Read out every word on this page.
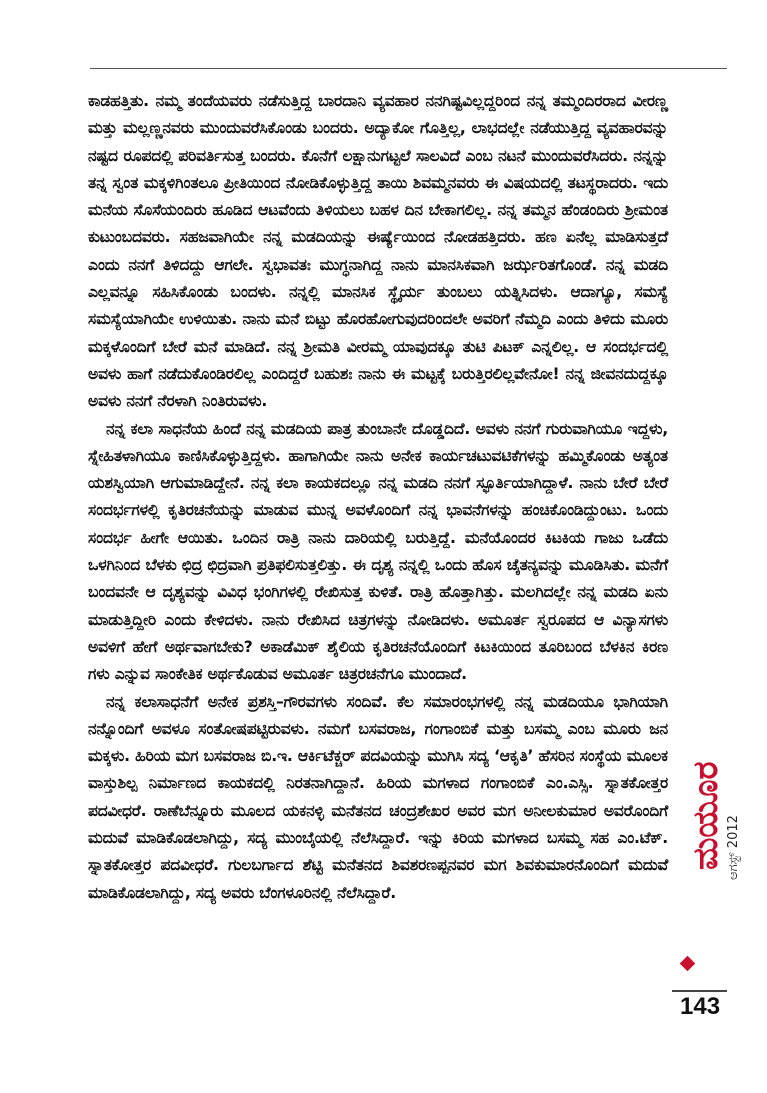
ಕಾಡಹತ್ತಿತು. ನಮ್ಮ ತಂದೆಯವರು ನಡೆಸುತ್ತಿದ್ದ ಬಾರದಾನಿ ವ್ಯವಹಾರ ನನಗಿಷ್ಟವಿಲ್ಲದ್ದರಿಂದ ನನ್ನ ತಮ್ಮಂದಿರರಾದ ವೀರಣ್ಣ ಮತ್ತು ಮಲ್ಲಣ್ಣನವರು ಮುಂದುವರೆಸಿಕೊಂಡು ಬಂದರು. ಅದ್ಯಾಕೋ ಗೊತ್ತಿಲ್ಲ, ಲಾಭದಲ್ಲೇ ನಡೆಯುತ್ತಿದ್ದ ವ್ಯವಹಾರವನ್ನು ನಷ್ಟದ ರೂಪದಲ್ಲಿ ಪರಿವರ್ತಿಸುತ್ತ ಬಂದರು. ಕೊನೆಗೆ ಲಕ್ಷಾನುಗಟ್ಟಲೆ ಸಾಲವಿದೆ ಎಂಬ ನಟನೆ ಮುಂದುವರೆಸಿದರು. ನನ್ನನ್ನು ತನ್ನ ಸ್ವಂತ ಮಕ್ಕಳಿಗಿಂತಲೂ ಪ್ರೀತಿಯಿಂದ ನೋಡಿಕೊಳ್ಳುತ್ತಿದ್ದ ತಾಯಿ ಶಿವಮ್ಮನವರು ಈ ವಿಷಯದಲ್ಲಿ ತಟಸ್ಥರಾದರು. ಇದು ಮನೆಯ ಸೊಸೆಯಂದಿರು ಹೂಡಿದ ಆಟವೆಂದು ತಿಳಿಯಲು ಬಹಳ ದಿನ ಬೇಕಾಗಲಿಲ್ಲ. ನನ್ನ ತಮ್ಮನ ಹೆಂಡಂದಿರು ಶ್ರೀಮಂತ ಕುಟುಂಬದವರು. ಸಹಜವಾಗಿಯೇ ನನ್ನ ಮಡದಿಯನ್ನು ಈರ್ಷ್ಯೆಯಿಂದ ನೋಡಹತ್ತಿದರು. ಹಣ ಏನೆಲ್ಲ ಮಾಡಿಸುತ್ತದೆ ಎಂದು ನನಗೆ ತಿಳಿದದ್ದು ಆಗಲೇ. ಸ್ವಭಾವತಃ ಮುಗ್ಧನಾಗಿದ್ದ ನಾನು ಮಾನಸಿಕವಾಗಿ ಜರ್ಝರಿತಗೊಂಡೆ. ನನ್ನ ಮಡದಿ ಎಲ್ಲವನ್ನೂ ಸಹಿಸಿಕೊಂಡು ಬಂದಳು. ನನ್ನಲ್ಲಿ ಮಾನಸಿಕ ಸ್ಥೈರ್ಯ ತುಂಬಲು ಯತ್ನಿಸಿದಳು. ಆದಾಗ್ಯೂ, ಸಮಸ್ಯೆ ಸಮಸ್ಯೆಯಾಗಿಯೇ ಉಳಿಯಿತು. ನಾನು ಮನೆ ಬಿಟ್ಟು ಹೊರಹೋಗುವುದರಿಂದಲೇ ಅವರಿಗೆ ನೆಮ್ಮದಿ ಎಂದು ತಿಳಿದು ಮೂರು ಮಕ್ಕಳೊಂದಿಗೆ ಬೇರೆ ಮನೆ ಮಾಡಿದೆ. ನನ್ನ ಶ್ರೀಮತಿ ವೀರಮ್ಮ ಯಾವುದಕ್ಕೂ ತುಟಿ ಪಿಟಕ್ ಎನ್ನಲಿಲ್ಲ. ಆ ಸಂದರ್ಭದಲ್ಲಿ ಅವಳು ಹಾಗೆ ನಡೆದುಕೊಂಡಿರಲಿಲ್ಲ ಎಂದಿದ್ದರೆ ಬಹುಶಃ ನಾನು ಈ ಮಟ್ಟಕ್ಕೆ ಬರುತ್ತಿರಲಿಲ್ಲವೇನೋ! ನನ್ನ ಜೀವನದುದ್ದಕ್ಕೂ ಅವಳು ನನಗೆ ನೆರಳಾಗಿ ನಿಂತಿರುವಳು.

ನನ್ನ ಕಲಾ ಸಾಧನೆಯ ಹಿಂದೆ ನನ್ನ ಮಡದಿಯ ಪಾತ್ರ ತುಂಬಾನೇ ದೊಡ್ಡದಿದೆ. ಅವಳು ನನಗೆ ಗುರುವಾಗಿಯೂ ಇದ್ದಳು, ಸ್ನೇಹಿತಳಾಗಿಯೂ ಕಾಣಿಸಿಕೊಳ್ಳುತ್ತಿದ್ದಳು. ಹಾಗಾಗಿಯೇ ನಾನು ಅನೇಕ ಕಾರ್ಯಚಟುವಟಿಕೆಗಳನ್ನು ಹಮ್ಮಿಕೊಂಡು ಅತ್ಯಂತ ಯಶಸ್ವಿಯಾಗಿ ಆಗುಮಾಡಿದ್ದೇನೆ. ನನ್ನ ಕಲಾ ಕಾಯಕದಲ್ಲೂ ನನ್ನ ಮಡದಿ ನನಗೆ ಸ್ಫೂರ್ತಿಯಾಗಿದ್ದಾಳೆ. ನಾನು ಬೇರೆ ಬೇರೆ ಸಂದರ್ಭಗಳಲ್ಲಿ ಕೃತಿರಚನೆಯನ್ನು ಮಾಡುವ ಮುನ್ನ ಅವಳೊಂದಿಗೆ ನನ್ನ ಭಾವನೆಗಳನ್ನು ಹಂಚಿಕೊಂಡಿದ್ದುಂಟು. ಒಂದು ಸಂದರ್ಭ ಹೀಗೇ ಆಯಿತು. ಒಂದಿನ ರಾತ್ರಿ ನಾನು ದಾರಿಯಲ್ಲಿ ಬರುತ್ತಿದ್ದೆ. ಮನೆಯೊಂದರ ಕಿಟಕಿಯ ಗಾಜು ಒಡೆದು ಒಳಗಿನಿಂದ ಬೆಳಕು ಛಿದ್ರ ಛಿದ್ರವಾಗಿ ಪ್ರತಿಫಲಿಸುತ್ತಲಿತ್ತು. ಈ ದೃಶ್ಯ ನನ್ನಲ್ಲಿ ಒಂದು ಹೊಸ ಚೈತನ್ಯವನ್ನು ಮೂಡಿಸಿತು. ಮನೆಗೆ ಬಂದವನೇ ಆ ದೃಶ್ಯವನ್ನು ವಿವಿಧ ಭಂಗಿಗಳಲ್ಲಿ ರೇಖಿಸುತ್ತ ಕುಳಿತೆ. ರಾತ್ರಿ ಹೊತ್ತಾಗಿತ್ತು. ಮಲಗಿದಲ್ಲೇ ನನ್ನ ಮಡದಿ ಏನು ಮಾಡುತ್ತಿದ್ದೀರಿ ಎಂದು ಕೇಳಿದಳು. ನಾನು ರೇಖಿಸಿದ ಚಿತ್ರಗಳನ್ನು ನೋಡಿದಳು. ಅಮೂರ್ತ ಸ್ವರೂಪದ ಆ ವಿನ್ಯಾಸಗಳು ಅವಳಿಗೆ ಹೇಗೆ ಅರ್ಥವಾಗಬೇಕು? ಅಕಾಡೆಮಿಕ್ ಶೈಲಿಯ ಕೃತಿರಚನೆಯೊಂದಿಗೆ ಕಿಟಕಿಯಿಂದ ತೂರಿಬಂದ ಬೆಳಕಿನ ಕಿರಣ ಗಳು ಎನ್ನುವ ಸಾಂಕೇತಿಕ ಅರ್ಥಕೊಡುವ ಅಮೂರ್ತ ಚಿತ್ರರಚನೆಗೂ ಮುಂದಾದೆ.

ನನ್ನ ಕಲಾಸಾಧನೆಗೆ ಅನೇಕ ಪ್ರಶಸ್ತಿ–ಗೌರವಗಳು ಸಂದಿವೆ. ಕೆಲ ಸಮಾರಂಭಗಳಲ್ಲಿ ನನ್ನ ಮಡದಿಯೂ ಭಾಗಿಯಾಗಿ ನನ್ನೊಂದಿಗೆ ಅವಳೂ ಸಂತೋಷಪಟ್ಟಿರುವಳು. ನಮಗೆ ಬಸವರಾಜ, ಗಂಗಾಂಬಿಕೆ ಮತ್ತು ಬಸಮ್ಮ ಎಂಬ ಮೂರು ಜನ ಮಕ್ಕಳು. ಹಿರಿಯ ಮಗ ಬಸವರಾಜ ಬಿ.ಇ. ಆರ್ಕಿಟೆಕ್ಚರ್ ಪದವಿಯನ್ನು ಮುಗಿಸಿ ಸದ್ಯ ‘ಆಕೃತಿ’ ಹೆಸರಿನ ಸಂಸ್ಥೆಯ ಮೂಲಕ ವಾಸ್ತುಶಿಲ್ಪ ನಿರ್ಮಾಣದ ಕಾಯಕದಲ್ಲಿ ನಿರತನಾಗಿದ್ದಾನೆ. ಹಿರಿಯ ಮಗಳಾದ ಗಂಗಾಂಬಿಕೆ ಎಂ.ಎಸ್ಸಿ. ಸ್ನಾತಕೋತ್ತರ ಪದವೀಧರೆ. ರಾಣೆಬೆನ್ನೂರು ಮೂಲದ ಯಕನಳ್ಳಿ ಮನೆತನದ ಚಂದ್ರಶೇಖರ ಅವರ ಮಗ ಅನೀಲಕುಮಾರ ಅವರೊಂದಿಗೆ ಮದುವೆ ಮಾಡಿಕೊಡಲಾಗಿದ್ದು, ಸದ್ಯ ಮುಂಬೈಯಲ್ಲಿ ನೆಲೆಸಿದ್ದಾರೆ. ಇನ್ನು ಕಿರಿಯ ಮಗಳಾದ ಬಸಮ್ಮ ಸಹ ಎಂ.ಟೆಕ್. ಸ್ನಾತಕೋತ್ತರ ಪದವೀಧರೆ. ಗುಲಬರ್ಗಾದ ಶೆಟ್ಟಿ ಮನೆತನದ ಶಿವಶರಣಪ್ಪನವರ ಮಗ ಶಿವಕುಮಾರನೊಂದಿಗೆ ಮದುವೆ ಮಾಡಿಕೊಡಲಾಗಿದ್ದು, ಸದ್ಯ ಅವರು ಬೆಂಗಳೂರಿನಲ್ಲಿ ನೆಲೆಸಿದ್ದಾರೆ.

ಮಯೂರ ಆಗಸ್ಟ್ 2012
143
